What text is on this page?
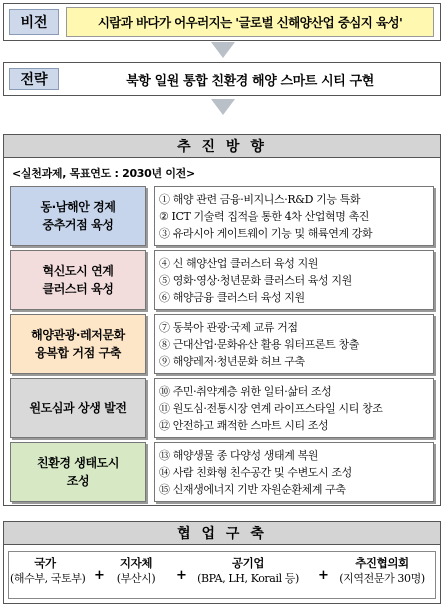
비전	시람과 바다가 어우러지는 '글로벌 신해양산업 중심지 육성'
전략	북항 일원 통합 친환경 해양 스마트 시티 구현
추 진 방 향
<실천과제, 목표연도 : 2030년 이전>
동·남해안 경제
중추거점 육성
① 해양 관련 금융·비지니스·R&D 기능 특화
② ICT 기술력 집적을 통한 4차 산업혁명 촉진
③ 유라시아 게이트웨이 기능 및 해륙연계 강화
혁신도시 연계
클러스터 육성
④ 신 해양산업 클러스터 육성 지원
⑤ 영화·영상·청년문화 클러스터 육성 지원
⑥ 해양금융 클러스터 육성 지원
해양관광·레저문화
융복합 거점 구축
⑦ 동북아 관광·국제 교류 거점
⑧ 근대산업·문화유산 활용 워터프론트 창출
⑨ 해양레저·청년문화 허브 구축
원도심과 상생 발전
⑩ 주민·취약계층 위한 일터·삶터 조성
⑪ 원도심·전통시장 연계 라이프스타일 시티 창조
⑫ 안전하고 쾌적한 스마트 시티 조성
친환경 생태도시
조성
⑬ 해양생물 종 다양성 생태계 복원
⑭ 사람 친화형 친수공간 및 수변도시 조성
⑮ 신재생에너지 기반 자원순환체계 구축
협 업 구 축
국가
(해수부, 국토부) +
지자체
(부산시)	+
공기업
(BPA, LH, Korail 등)	+
추진협의회
(지역전문가 30명)
